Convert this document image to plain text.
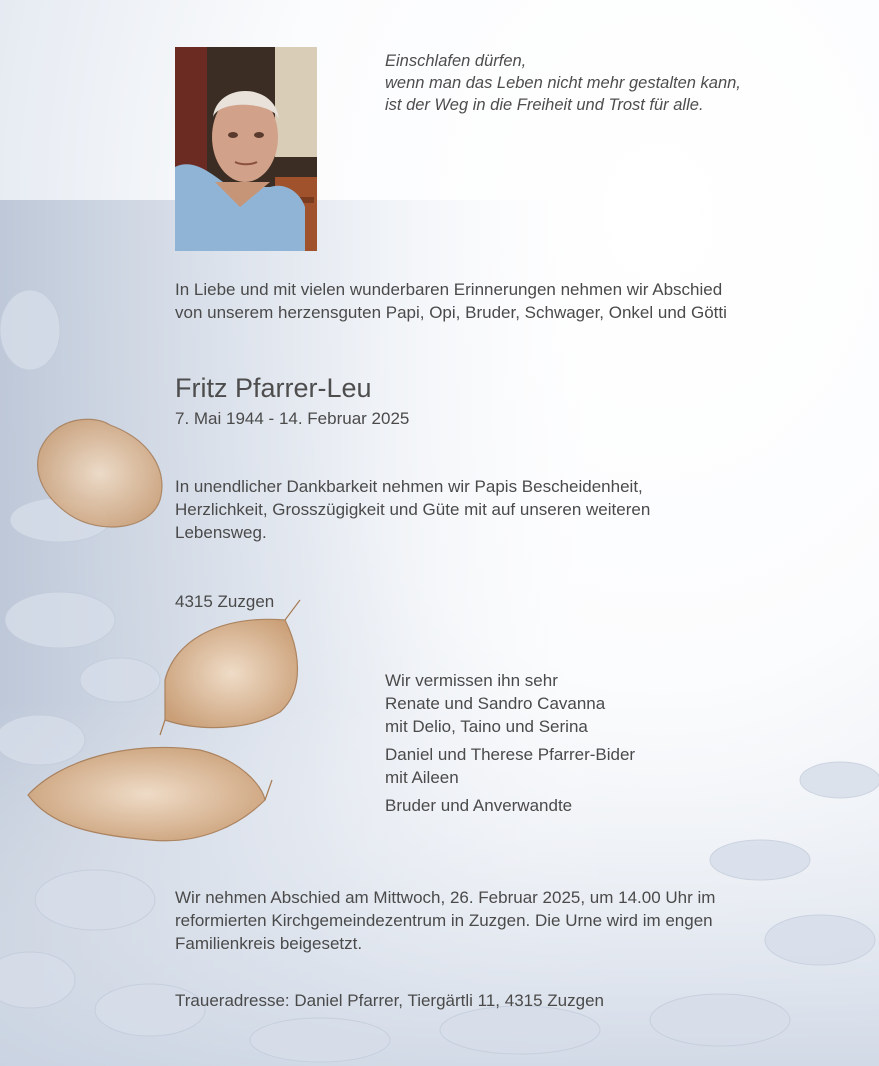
Einschlafen dürfen,
wenn man das Leben nicht mehr gestalten kann,
ist der Weg in die Freiheit und Trost für alle.
In Liebe und mit vielen wunderbaren Erinnerungen nehmen wir Abschied
von unserem herzensguten Papi, Opi, Bruder, Schwager, Onkel und Götti
Fritz Pfarrer-Leu
7. Mai 1944 - 14. Februar 2025
In unendlicher Dankbarkeit nehmen wir Papis Bescheidenheit,
Herzlichkeit, Grosszügigkeit und Güte mit auf unseren weiteren
Lebensweg.
4315 Zuzgen
Wir vermissen ihn sehr
Renate und Sandro Cavanna
mit Delio, Taino und Serina
Daniel und Therese Pfarrer-Bider
mit Aileen
Bruder und Anverwandte
Wir nehmen Abschied am Mittwoch, 26. Februar 2025, um 14.00 Uhr im
reformierten Kirchgemeindezentrum in Zuzgen. Die Urne wird im engen
Familienkreis beigesetzt.
Traueradresse: Daniel Pfarrer, Tiergärtli 11, 4315 Zuzgen
